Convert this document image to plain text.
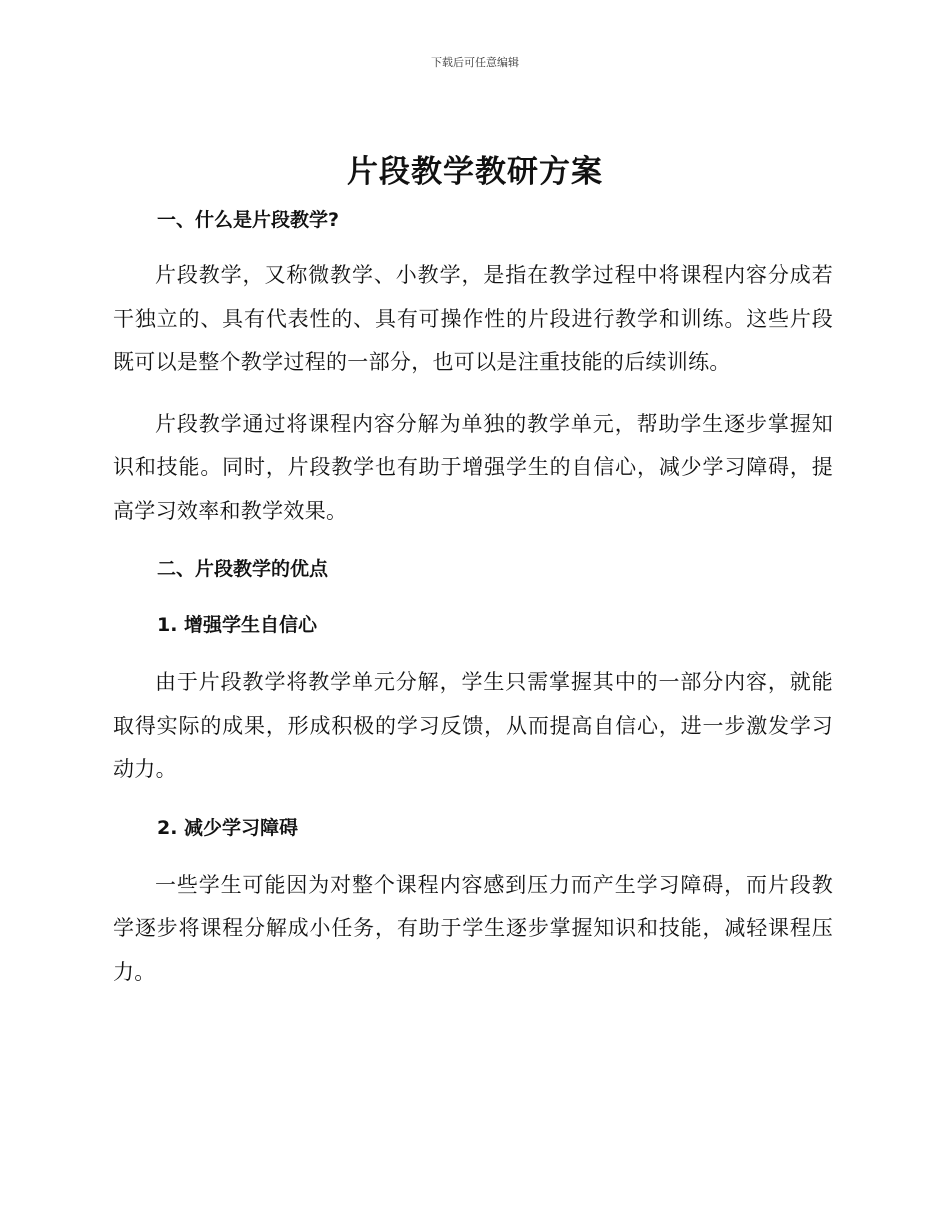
下载后可任意编辑
片段教学教研方案
一、什么是片段教学?

片段教学，又称微教学、小教学，是指在教学过程中将课程内容分成若干独立的、具有代表性的、具有可操作性的片段进行教学和训练。这些片段既可以是整个教学过程的一部分，也可以是注重技能的后续训练。

片段教学通过将课程内容分解为单独的教学单元，帮助学生逐步掌握知识和技能。同时，片段教学也有助于增强学生的自信心，减少学习障碍，提高学习效率和教学效果。

二、片段教学的优点
1. 增强学生自信心

由于片段教学将教学单元分解，学生只需掌握其中的一部分内容，就能取得实际的成果，形成积极的学习反馈，从而提高自信心，进一步激发学习动力。

2. 减少学习障碍

一些学生可能因为对整个课程内容感到压力而产生学习障碍，而片段教学逐步将课程分解成小任务，有助于学生逐步掌握知识和技能，减轻课程压力。
